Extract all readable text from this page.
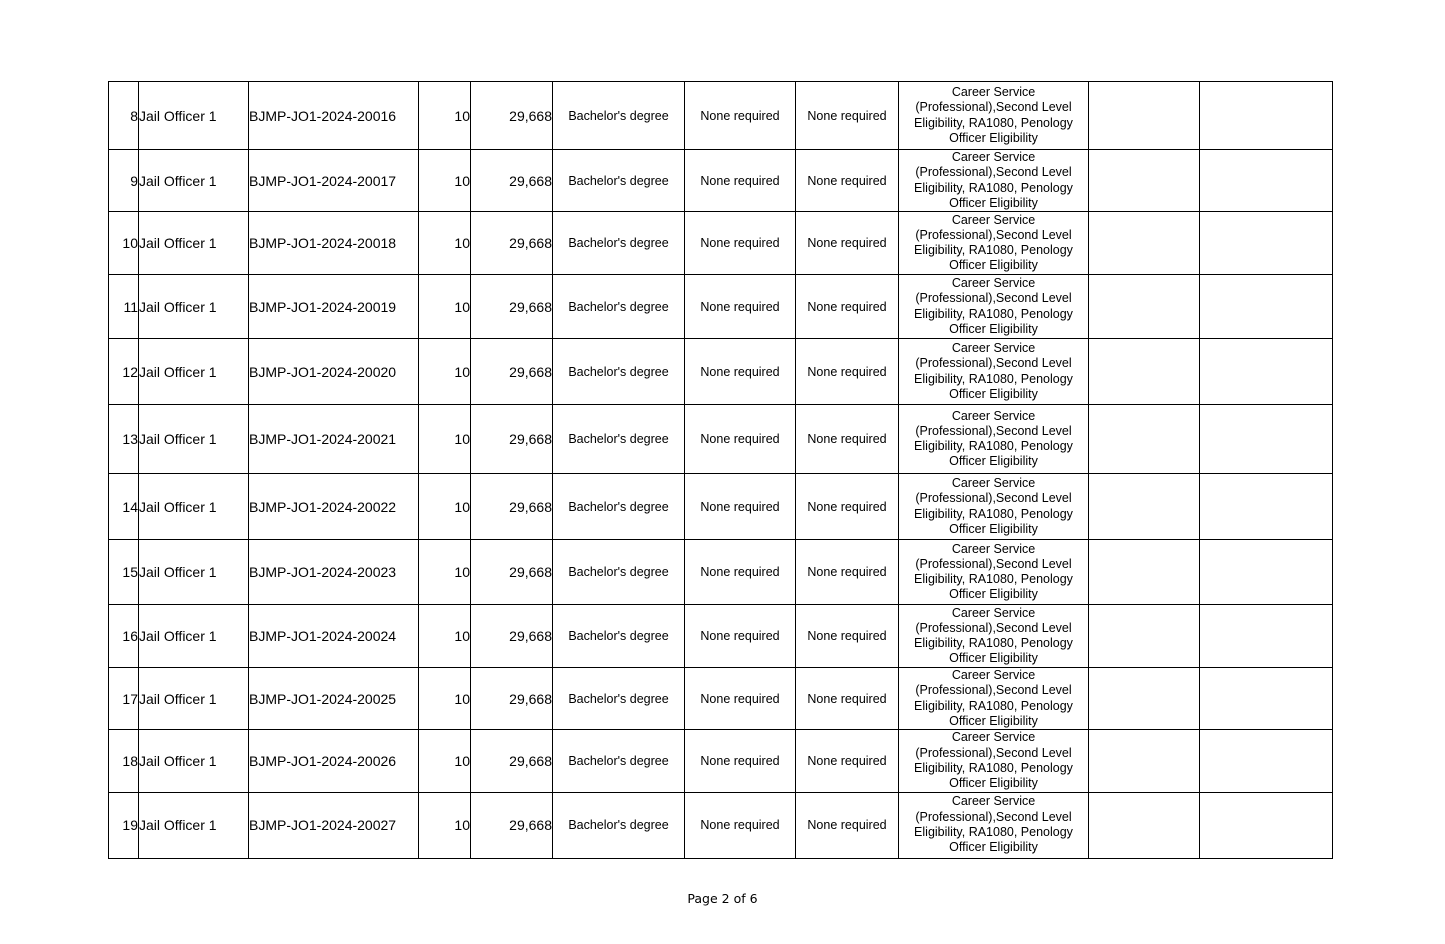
8	Jail Officer 1	BJMP-JO1-2024-20016	10	29,668	Bachelor's degree	None required	None required	Career Service (Professional),Second Level Eligibility, RA1080, Penology Officer Eligibility		
9	Jail Officer 1	BJMP-JO1-2024-20017	10	29,668	Bachelor's degree	None required	None required	Career Service (Professional),Second Level Eligibility, RA1080, Penology Officer Eligibility		
10	Jail Officer 1	BJMP-JO1-2024-20018	10	29,668	Bachelor's degree	None required	None required	Career Service (Professional),Second Level Eligibility, RA1080, Penology Officer Eligibility		
11	Jail Officer 1	BJMP-JO1-2024-20019	10	29,668	Bachelor's degree	None required	None required	Career Service (Professional),Second Level Eligibility, RA1080, Penology Officer Eligibility		
12	Jail Officer 1	BJMP-JO1-2024-20020	10	29,668	Bachelor's degree	None required	None required	Career Service (Professional),Second Level Eligibility, RA1080, Penology Officer Eligibility		
13	Jail Officer 1	BJMP-JO1-2024-20021	10	29,668	Bachelor's degree	None required	None required	Career Service (Professional),Second Level Eligibility, RA1080, Penology Officer Eligibility		
14	Jail Officer 1	BJMP-JO1-2024-20022	10	29,668	Bachelor's degree	None required	None required	Career Service (Professional),Second Level Eligibility, RA1080, Penology Officer Eligibility		
15	Jail Officer 1	BJMP-JO1-2024-20023	10	29,668	Bachelor's degree	None required	None required	Career Service (Professional),Second Level Eligibility, RA1080, Penology Officer Eligibility		
16	Jail Officer 1	BJMP-JO1-2024-20024	10	29,668	Bachelor's degree	None required	None required	Career Service (Professional),Second Level Eligibility, RA1080, Penology Officer Eligibility		
17	Jail Officer 1	BJMP-JO1-2024-20025	10	29,668	Bachelor's degree	None required	None required	Career Service (Professional),Second Level Eligibility, RA1080, Penology Officer Eligibility		
18	Jail Officer 1	BJMP-JO1-2024-20026	10	29,668	Bachelor's degree	None required	None required	Career Service (Professional),Second Level Eligibility, RA1080, Penology Officer Eligibility		
19	Jail Officer 1	BJMP-JO1-2024-20027	10	29,668	Bachelor's degree	None required	None required	Career Service (Professional),Second Level Eligibility, RA1080, Penology Officer Eligibility		
Page 2 of 6
